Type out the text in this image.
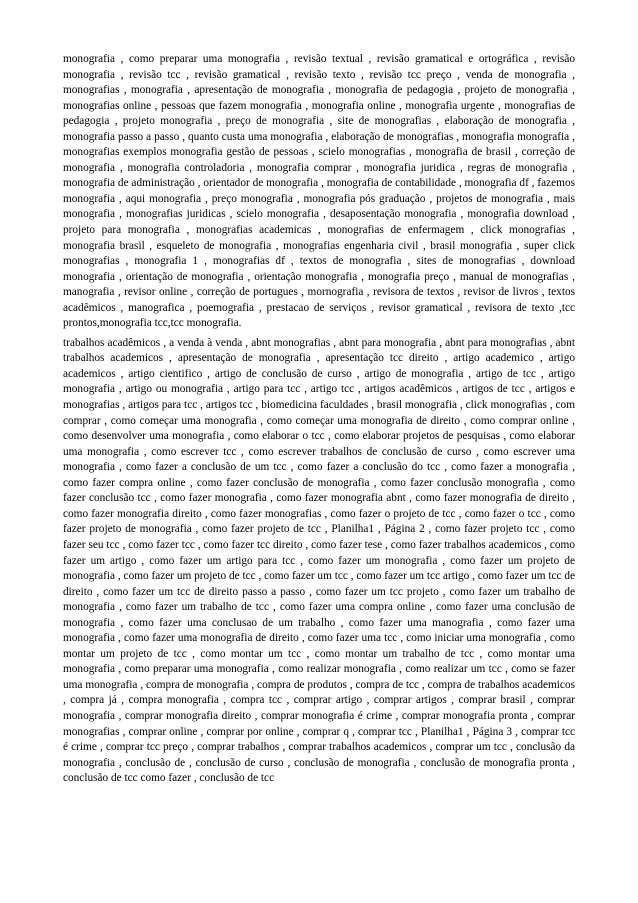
monografia , como preparar uma monografia , revisão textual , revisão gramatical e ortográfica , revisão monografia , revisão tcc , revisão gramatical , revisão texto , revisão tcc preço , venda de monografia , monografias , monografia , apresentação de monografia , monografia de pedagogia , projeto de monografia , monografias online , pessoas que fazem monografia , monografia online , monografia urgente , monografias de pedagogia , projeto monografia , preço de monografia , site de monografias , elaboração de monografia , monografia passo a passo , quanto custa uma monografia , elaboração de monografias , monografia monografia , monografias exemplos monografia gestão de pessoas , scielo monografias , monografia de brasil , correção de monografia , monografia controladoria , monografia comprar , monografia juridica , regras de monografia , monografia de administração , orientador de monografia , monografia de contabilidade , monografia df , fazemos monografia , aqui monografia , preço monografia , monografia pós graduação , projetos de monografia , mais monografia , monografias juridicas , scielo monografia , desaposentação monografia , monografia download , projeto para monografia , monografias academicas , monografias de enfermagem , click monografias , monografia brasil , esqueleto de monografia , monografias engenharia civil , brasil monografia , super click monografias , monografia 1 , monografias df , textos de monografia , sites de monografias , download monografia , orientação de monografia , orientação monografia , monografia preço , manual de monografias , manografia , revisor online , correção de portugues , mornografia , revisora de textos , revisor de livros , textos acadêmicos , manografica , poemografia , prestacao de serviços , revisor gramatical , revisora de texto ,tcc prontos,monografia tcc,tcc monografia.

trabalhos acadêmicos , a venda à venda , abnt monografias , abnt para monografia , abnt para monografias , abnt trabalhos academicos , apresentação de monografia , apresentação tcc direito , artigo academico , artigo academicos , artigo cientifico , artigo de conclusão de curso , artigo de monografia , artigo de tcc , artigo monografia , artigo ou monografia , artigo para tcc , artigo tcc , artigos acadêmicos , artigos de tcc , artigos e monografias , artigos para tcc , artigos tcc , biomedicina faculdades , brasil monografia , click monografias , com comprar , como começar uma monografia , como começar uma monografia de direito , como comprar online , como desenvolver uma monografia , como elaborar o tcc , como elaborar projetos de pesquisas , como elaborar uma monografia , como escrever tcc , como escrever trabalhos de conclusão de curso , como escrever uma monografia , como fazer a conclusão de um tcc , como fazer a conclusão do tcc , como fazer a monografia , como fazer compra online , como fazer conclusão de monografia , como fazer conclusão monografia , como fazer conclusão tcc , como fazer monografia , como fazer monografia abnt , como fazer monografia de direito , como fazer monografia direito , como fazer monografias , como fazer o projeto de tcc , como fazer o tcc , como fazer projeto de monografia , como fazer projeto de tcc , Planilha1 , Página 2 , como fazer projeto tcc , como fazer seu tcc , como fazer tcc , como fazer tcc direito , como fazer tese , como fazer trabalhos academicos , como fazer um artigo , como fazer um artigo para tcc , como fazer um monografia , como fazer um projeto de monografia , como fazer um projeto de tcc , como fazer um tcc , como fazer um tcc artigo , como fazer um tcc de direito , como fazer um tcc de direito passo a passo , como fazer um tcc projeto , como fazer um trabalho de monografia , como fazer um trabalho de tcc , como fazer uma compra online , como fazer uma conclusão de monografia , como fazer uma conclusao de um trabalho , como fazer uma manografia , como fazer uma monografia , como fazer uma monografia de direito , como fazer uma tcc , como iniciar uma monografia , como montar um projeto de tcc , como montar um tcc , como montar um trabalho de tcc , como montar uma monografia , como preparar uma monografia , como realizar monografia , como realizar um tcc , como se fazer uma monografia , compra de monografia , compra de produtos , compra de tcc , compra de trabalhos academicos , compra já , compra monografia , compra tcc , comprar artigo , comprar artigos , comprar brasil , comprar monografia , comprar monografia direito , comprar monografia é crime , comprar monografia pronta , comprar monografias , comprar online , comprar por online , comprar q , comprar tcc , Planilha1 , Página 3 , comprar tcc é crime , comprar tcc preço , comprar trabalhos , comprar trabalhos academicos , comprar um tcc , conclusão da monografia , conclusão de , conclusão de curso , conclusão de monografia , conclusão de monografia pronta , conclusão de tcc como fazer , conclusão de tcc
